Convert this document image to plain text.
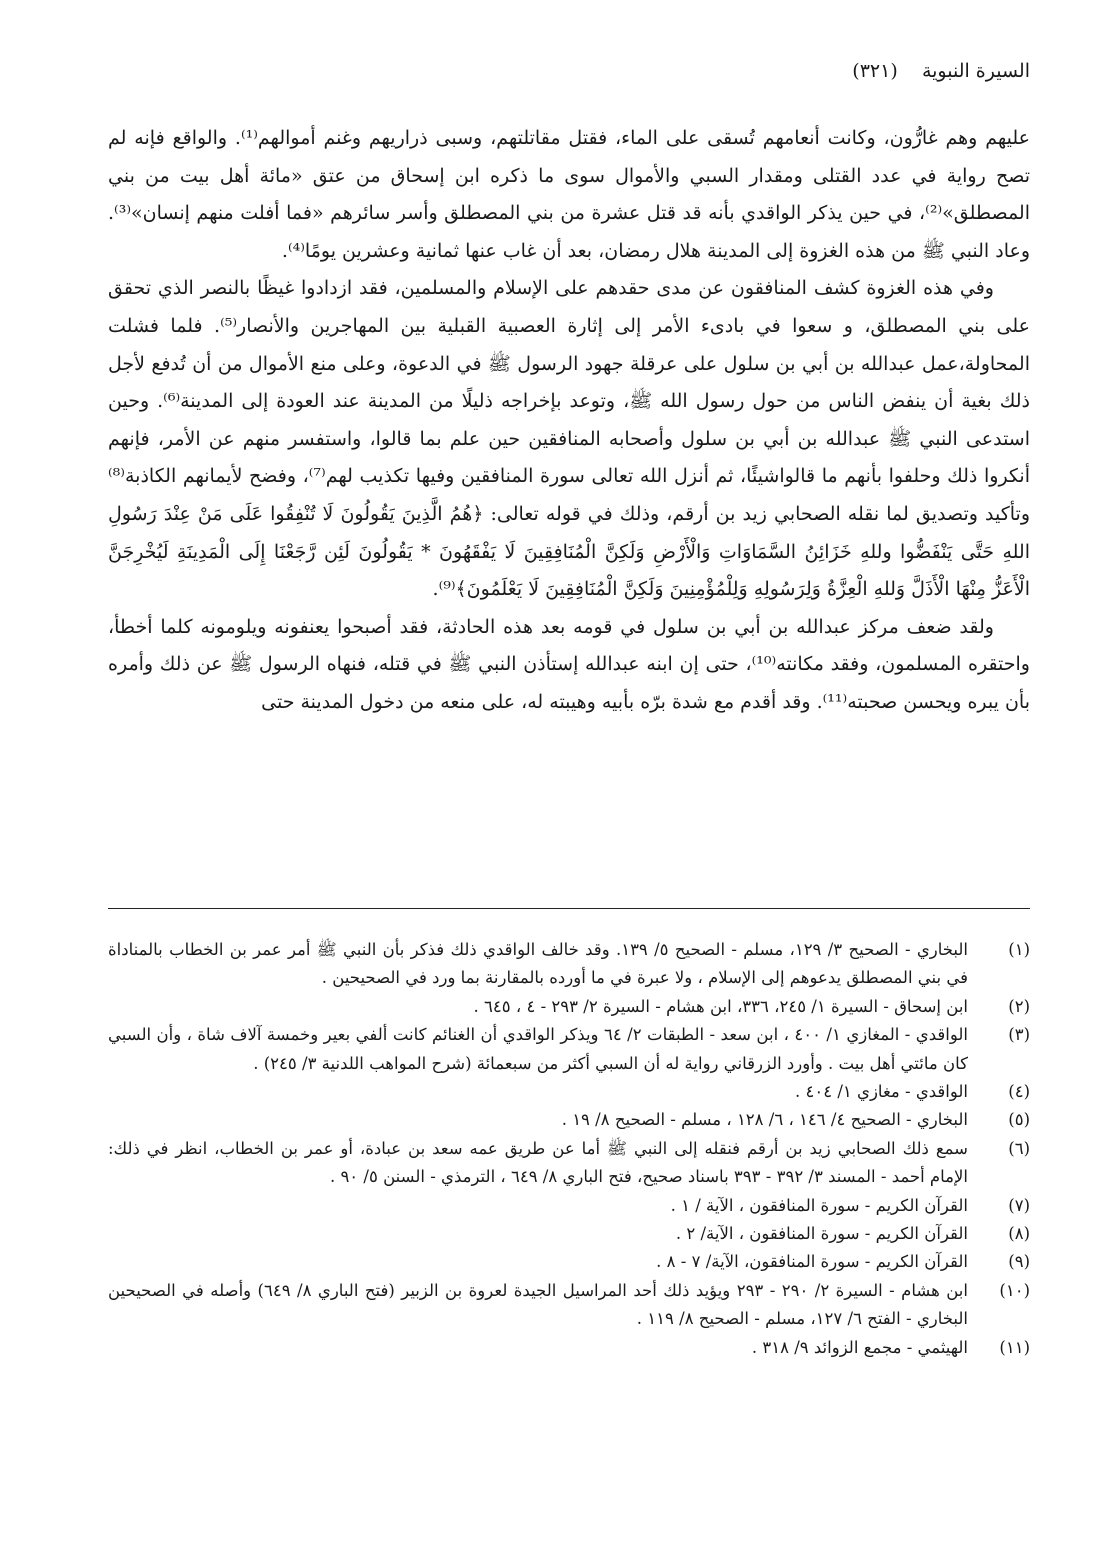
السيرة النبوية    (٣٢١)

عليهم وهم غارُّون، وكانت أنعامهم تُسقى على الماء، فقتل مقاتلتهم، وسبى ذراريهم وغنم أموالهم⁽¹⁾. والواقع فإنه لم تصح رواية في عدد القتلى ومقدار السبي والأموال سوى ما ذكره ابن إسحاق من عتق «مائة أهل بيت من بني المصطلق»⁽²⁾، في حين يذكر الواقدي بأنه قد قتل عشرة من بني المصطلق وأسر سائرهم «فما أفلت منهم إنسان»⁽³⁾. وعاد النبي ﷺ من هذه الغزوة إلى المدينة هلال رمضان، بعد أن غاب عنها ثمانية وعشرين يومًا⁽⁴⁾.

وفي هذه الغزوة كشف المنافقون عن مدى حقدهم على الإسلام والمسلمين، فقد ازدادوا غيظًا بالنصر الذي تحقق على بني المصطلق، و سعوا في بادىء الأمر إلى إثارة العصبية القبلية بين المهاجرين والأنصار⁽⁵⁾. فلما فشلت المحاولة،عمل عبدالله بن أبي بن سلول على عرقلة جهود الرسول ﷺ في الدعوة، وعلى منع الأموال من أن تُدفع لأجل ذلك بغية أن ينفض الناس من حول رسول الله ﷺ، وتوعد بإخراجه ذليلًا من المدينة عند العودة إلى المدينة⁽⁶⁾. وحين استدعى النبي ﷺ عبدالله بن أبي بن سلول وأصحابه المنافقين حين علم بما قالوا، واستفسر منهم عن الأمر، فإنهم أنكروا ذلك وحلفوا بأنهم ما قالواشيئًا، ثم أنزل الله تعالى سورة المنافقين وفيها تكذيب لهم⁽⁷⁾، وفضح لأيمانهم الكاذبة⁽⁸⁾ وتأكيد وتصديق لما نقله الصحابي زيد بن أرقم، وذلك في قوله تعالى: ﴿هُمُ الَّذِينَ يَقُولُونَ لَا تُنْفِقُوا عَلَى مَنْ عِنْدَ رَسُولِ اللهِ حَتَّى يَنْفَضُّوا وللهِ خَزَائِنُ السَّمَاوَاتِ وَالْأَرْضِ وَلَكِنَّ الْمُنَافِقِينَ لَا يَفْقَهُونَ * يَقُولُونَ لَئِن رَّجَعْنَا إِلَى الْمَدِينَةِ لَيُخْرِجَنَّ الْأَعَزُّ مِنْهَا الْأَذَلَّ وَللهِ الْعِزَّةُ وَلِرَسُولِهِ وَلِلْمُؤْمِنِينَ وَلَكِنَّ الْمُنَافِقِينَ لَا يَعْلَمُونَ﴾⁽⁹⁾.

ولقد ضعف مركز عبدالله بن أبي بن سلول في قومه بعد هذه الحادثة، فقد أصبحوا يعنفونه ويلومونه كلما أخطأ، واحتقره المسلمون، وفقد مكانته⁽¹⁰⁾، حتى إن ابنه عبدالله إستأذن النبي ﷺ في قتله، فنهاه الرسول ﷺ عن ذلك وأمره بأن يبره ويحسن صحبته⁽¹¹⁾. وقد أقدم مع شدة برّه بأبيه وهيبته له، على منعه من دخول المدينة حتى

(١)
البخاري - الصحيح ٣/ ١٢٩، مسلم - الصحيح ٥/ ١٣٩. وقد خالف الواقدي ذلك فذكر بأن النبي ﷺ أمر عمر بن الخطاب بالمناداة في بني المصطلق يدعوهم إلى الإسلام ، ولا عبرة في ما أورده بالمقارنة بما ورد في الصحيحين .
(٢)
ابن إسحاق - السيرة ١/ ٢٤٥، ٣٣٦، ابن هشام - السيرة ٢/ ٢٩٣ - ٤ ، ٦٤٥ .
(٣)
الواقدي - المغازي ١/ ٤٠٠ ، ابن سعد - الطبقات ٢/ ٦٤ ويذكر الواقدي أن الغنائم كانت ألفي بعير وخمسة آلاف شاة ، وأن السبي كان مائتي أهل بيت . وأورد الزرقاني رواية له أن السبي أكثر من سبعمائة (شرح المواهب اللدنية ٣/ ٢٤٥) .
(٤)
الواقدي - مغازي ١/ ٤٠٤ .
(٥)
البخاري - الصحيح ٤/ ١٤٦ ، ٦/ ١٢٨ ، مسلم - الصحيح ٨/ ١٩ .
(٦)
سمع ذلك الصحابي زيد بن أرقم فنقله إلى النبي ﷺ أما عن طريق عمه سعد بن عبادة، أو عمر بن الخطاب، انظر في ذلك: الإمام أحمد - المسند ٣/ ٣٩٢ - ٣٩٣ باسناد صحيح، فتح الباري ٨/ ٦٤٩ ، الترمذي - السنن ٥/ ٩٠ .
(٧)
القرآن الكريم - سورة المنافقون ، الآية / ١ .
(٨)
القرآن الكريم - سورة المنافقون ، الآية/ ٢ .
(٩)
القرآن الكريم - سورة المنافقون، الآية/ ٧ - ٨ .
(١٠)
ابن هشام - السيرة ٢/ ٢٩٠ - ٢٩٣ ويؤيد ذلك أحد المراسيل الجيدة لعروة بن الزبير (فتح الباري ٨/ ٦٤٩) وأصله في الصحيحين البخاري - الفتح ٦/ ١٢٧، مسلم - الصحيح ٨/ ١١٩ .
(١١)
الهيثمي - مجمع الزوائد ٩/ ٣١٨ .
